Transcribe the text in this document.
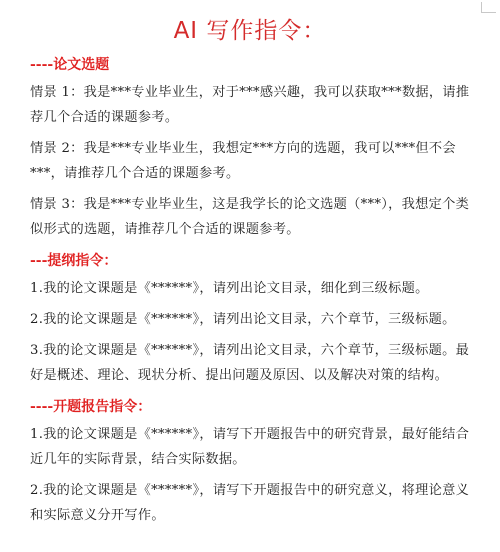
AI 写作指令：

----论文选题

情景 1：我是***专业毕业生，对于***感兴趣，我可以获取***数据，请推荐几个合适的课题参考。

情景 2：我是***专业毕业生，我想定***方向的选题，我可以***但不会***，请推荐几个合适的课题参考。

情景 3：我是***专业毕业生，这是我学长的论文选题（***），我想定个类似形式的选题，请推荐几个合适的课题参考。

---提纲指令：

1.我的论文课题是《******》，请列出论文目录，细化到三级标题。

2.我的论文课题是《******》，请列出论文目录，六个章节，三级标题。

3.我的论文课题是《******》，请列出论文目录，六个章节，三级标题。最好是概述、理论、现状分析、提出问题及原因、以及解决对策的结构。

----开题报告指令：

1.我的论文课题是《******》，请写下开题报告中的研究背景，最好能结合近几年的实际背景，结合实际数据。

2.我的论文课题是《******》，请写下开题报告中的研究意义，将理论意义和实际意义分开写作。
